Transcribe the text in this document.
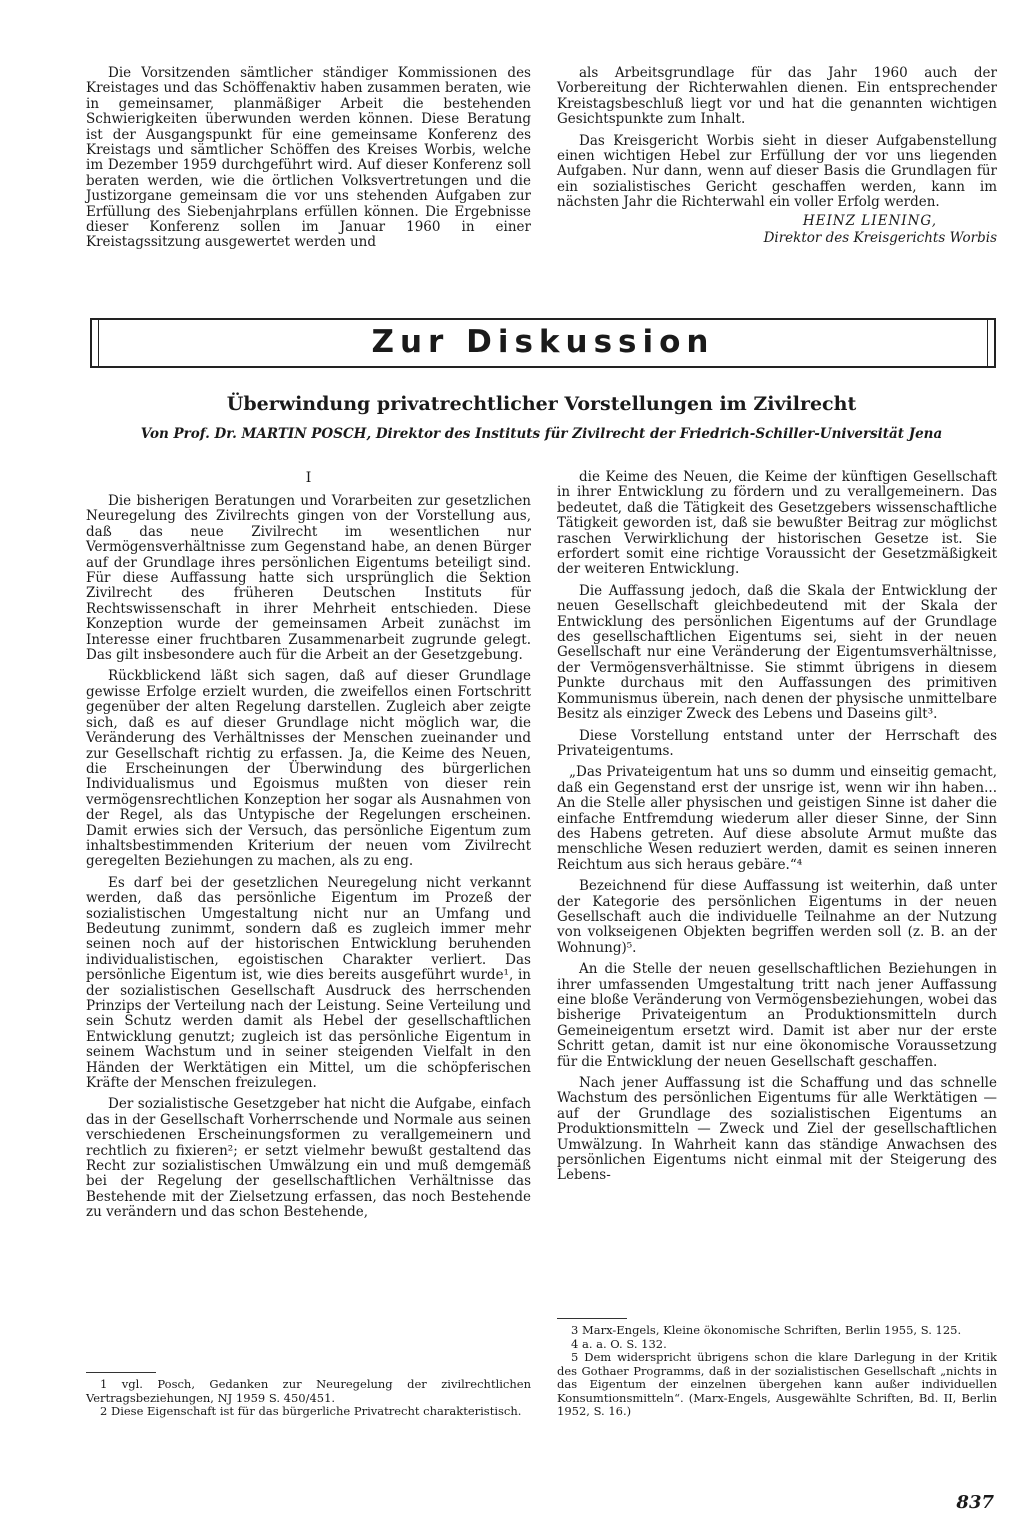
Die Vorsitzenden sämtlicher ständiger Kommissionen des Kreistages und das Schöffenaktiv haben zusammen beraten, wie in gemeinsamer, planmäßiger Arbeit die bestehenden Schwierigkeiten überwunden werden können. Diese Beratung ist der Ausgangspunkt für eine gemeinsame Konferenz des Kreistags und sämtlicher Schöffen des Kreises Worbis, welche im Dezember 1959 durchgeführt wird. Auf dieser Konferenz soll beraten werden, wie die örtlichen Volksvertretungen und die Justizorgane gemeinsam die vor uns stehenden Aufgaben zur Erfüllung des Siebenjahrplans erfüllen können. Die Ergebnisse dieser Konferenz sollen im Januar 1960 in einer Kreistagssitzung ausgewertet werden und

als Arbeitsgrundlage für das Jahr 1960 auch der Vorbereitung der Richterwahlen dienen. Ein entsprechender Kreistagsbeschluß liegt vor und hat die genannten wichtigen Gesichtspunkte zum Inhalt.

Das Kreisgericht Worbis sieht in dieser Aufgabenstellung einen wichtigen Hebel zur Erfüllung der vor uns liegenden Aufgaben. Nur dann, wenn auf dieser Basis die Grundlagen für ein sozialistisches Gericht geschaffen werden, kann im nächsten Jahr die Richterwahl ein voller Erfolg werden.

HEINZ LIENING,
Direktor des Kreisgerichts Worbis
Zur Diskussion
Überwindung privatrechtlicher Vorstellungen im Zivilrecht
Von Prof. Dr. MARTIN POSCH, Direktor des Instituts für Zivilrecht der Friedrich-Schiller-Universität Jena
I

Die bisherigen Beratungen und Vorarbeiten zur gesetzlichen Neuregelung des Zivilrechts gingen von der Vorstellung aus, daß das neue Zivilrecht im wesentlichen nur Vermögensverhältnisse zum Gegenstand habe, an denen Bürger auf der Grundlage ihres persönlichen Eigentums beteiligt sind. Für diese Auffassung hatte sich ursprünglich die Sektion Zivilrecht des früheren Deutschen Instituts für Rechtswissenschaft in ihrer Mehrheit entschieden. Diese Konzeption wurde der gemeinsamen Arbeit zunächst im Interesse einer fruchtbaren Zusammenarbeit zugrunde gelegt. Das gilt insbesondere auch für die Arbeit an der Gesetzgebung.

Rückblickend läßt sich sagen, daß auf dieser Grundlage gewisse Erfolge erzielt wurden, die zweifellos einen Fortschritt gegenüber der alten Regelung darstellen. Zugleich aber zeigte sich, daß es auf dieser Grundlage nicht möglich war, die Veränderung des Verhältnisses der Menschen zueinander und zur Gesellschaft richtig zu erfassen. Ja, die Keime des Neuen, die Erscheinungen der Überwindung des bürgerlichen Individualismus und Egoismus mußten von dieser rein vermögensrechtlichen Konzeption her sogar als Ausnahmen von der Regel, als das Untypische der Regelungen erscheinen. Damit erwies sich der Versuch, das persönliche Eigentum zum inhaltsbestimmenden Kriterium der neuen vom Zivilrecht geregelten Beziehungen zu machen, als zu eng.

Es darf bei der gesetzlichen Neuregelung nicht verkannt werden, daß das persönliche Eigentum im Prozeß der sozialistischen Umgestaltung nicht nur an Umfang und Bedeutung zunimmt, sondern daß es zugleich immer mehr seinen noch auf der historischen Entwicklung beruhenden individualistischen, egoistischen Charakter verliert. Das persönliche Eigentum ist, wie dies bereits ausgeführt wurde¹, in der sozialistischen Gesellschaft Ausdruck des herrschenden Prinzips der Verteilung nach der Leistung. Seine Verteilung und sein Schutz werden damit als Hebel der gesellschaftlichen Entwicklung genutzt; zugleich ist das persönliche Eigentum in seinem Wachstum und in seiner steigenden Vielfalt in den Händen der Werktätigen ein Mittel, um die schöpferischen Kräfte der Menschen freizulegen.

Der sozialistische Gesetzgeber hat nicht die Aufgabe, einfach das in der Gesellschaft Vorherrschende und Normale aus seinen verschiedenen Erscheinungsformen zu verallgemeinern und rechtlich zu fixieren²; er setzt vielmehr bewußt gestaltend das Recht zur sozialistischen Umwälzung ein und muß demgemäß bei der Regelung der gesellschaftlichen Verhältnisse das Bestehende mit der Zielsetzung erfassen, das noch Bestehende zu verändern und das schon Bestehende,

die Keime des Neuen, die Keime der künftigen Gesellschaft in ihrer Entwicklung zu fördern und zu verallgemeinern. Das bedeutet, daß die Tätigkeit des Gesetzgebers wissenschaftliche Tätigkeit geworden ist, daß sie bewußter Beitrag zur möglichst raschen Verwirklichung der historischen Gesetze ist. Sie erfordert somit eine richtige Voraussicht der Gesetzmäßigkeit der weiteren Entwicklung.

Die Auffassung jedoch, daß die Skala der Entwicklung der neuen Gesellschaft gleichbedeutend mit der Skala der Entwicklung des persönlichen Eigentums auf der Grundlage des gesellschaftlichen Eigentums sei, sieht in der neuen Gesellschaft nur eine Veränderung der Eigentumsverhältnisse, der Vermögensverhältnisse. Sie stimmt übrigens in diesem Punkte durchaus mit den Auffassungen des primitiven Kommunismus überein, nach denen der physische unmittelbare Besitz als einziger Zweck des Lebens und Daseins gilt³.

Diese Vorstellung entstand unter der Herrschaft des Privateigentums.

„Das Privateigentum hat uns so dumm und einseitig gemacht, daß ein Gegenstand erst der unsrige ist, wenn wir ihn haben... An die Stelle aller physischen und geistigen Sinne ist daher die einfache Entfremdung wiederum aller dieser Sinne, der Sinn des Habens getreten. Auf diese absolute Armut mußte das menschliche Wesen reduziert werden, damit es seinen inneren Reichtum aus sich heraus gebäre.“⁴

Bezeichnend für diese Auffassung ist weiterhin, daß unter der Kategorie des persönlichen Eigentums in der neuen Gesellschaft auch die individuelle Teilnahme an der Nutzung von volkseigenen Objekten begriffen werden soll (z. B. an der Wohnung)⁵.

An die Stelle der neuen gesellschaftlichen Beziehungen in ihrer umfassenden Umgestaltung tritt nach jener Auffassung eine bloße Veränderung von Vermögensbeziehungen, wobei das bisherige Privateigentum an Produktionsmitteln durch Gemeineigentum ersetzt wird. Damit ist aber nur der erste Schritt getan, damit ist nur eine ökonomische Voraussetzung für die Entwicklung der neuen Gesellschaft geschaffen.

Nach jener Auffassung ist die Schaffung und das schnelle Wachstum des persönlichen Eigentums für alle Werktätigen — auf der Grundlage des sozialistischen Eigentums an Produktionsmitteln — Zweck und Ziel der gesellschaftlichen Umwälzung. In Wahrheit kann das ständige Anwachsen des persönlichen Eigentums nicht einmal mit der Steigerung des Lebens-

1 vgl. Posch, Gedanken zur Neuregelung der zivilrechtlichen Vertragsbeziehungen, NJ 1959 S. 450/451.
2 Diese Eigenschaft ist für das bürgerliche Privatrecht charakteristisch.
3 Marx-Engels, Kleine ökonomische Schriften, Berlin 1955, S. 125.
4 a. a. O. S. 132.
5 Dem widerspricht übrigens schon die klare Darlegung in der Kritik des Gothaer Programms, daß in der sozialistischen Gesellschaft „nichts in das Eigentum der einzelnen übergehen kann außer individuellen Konsumtionsmitteln“. (Marx-Engels, Ausgewählte Schriften, Bd. II, Berlin 1952, S. 16.)
837
